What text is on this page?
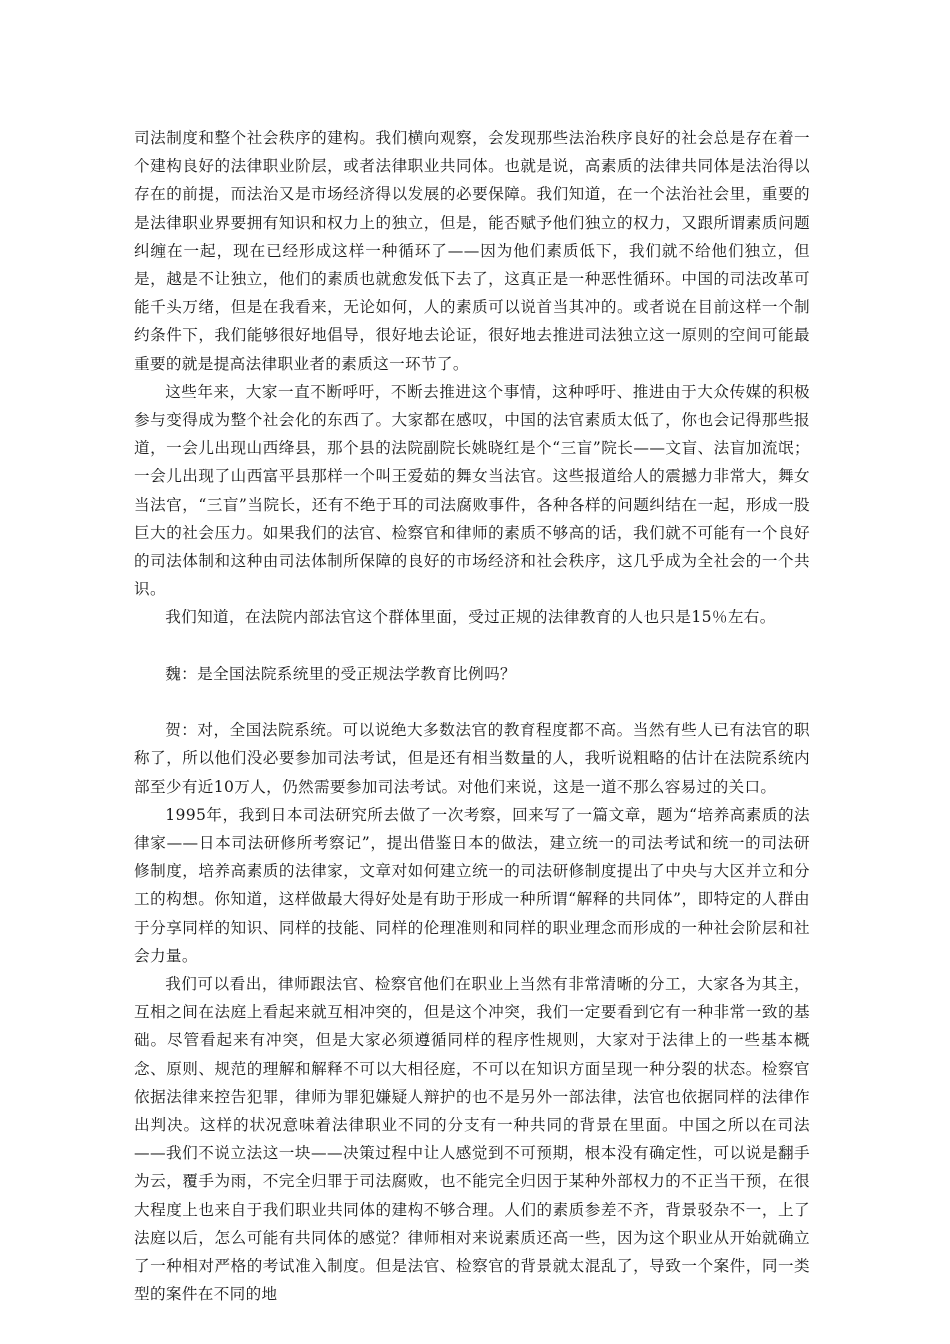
司法制度和整个社会秩序的建构。我们横向观察，会发现那些法治秩序良好的社会总是存在着一个建构良好的法律职业阶层，或者法律职业共同体。也就是说，高素质的法律共同体是法治得以存在的前提，而法治又是市场经济得以发展的必要保障。我们知道，在一个法治社会里，重要的是法律职业界要拥有知识和权力上的独立，但是，能否赋予他们独立的权力，又跟所谓素质问题纠缠在一起，现在已经形成这样一种循环了——因为他们素质低下，我们就不给他们独立，但是，越是不让独立，他们的素质也就愈发低下去了，这真正是一种恶性循环。中国的司法改革可能千头万绪，但是在我看来，无论如何，人的素质可以说首当其冲的。或者说在目前这样一个制约条件下，我们能够很好地倡导，很好地去论证，很好地去推进司法独立这一原则的空间可能最重要的就是提高法律职业者的素质这一环节了。

这些年来，大家一直不断呼吁，不断去推进这个事情，这种呼吁、推进由于大众传媒的积极参与变得成为整个社会化的东西了。大家都在感叹，中国的法官素质太低了，你也会记得那些报道，一会儿出现山西绛县，那个县的法院副院长姚晓红是个“三盲”院长——文盲、法盲加流氓；一会儿出现了山西富平县那样一个叫王爱茹的舞女当法官。这些报道给人的震撼力非常大，舞女当法官，“三盲”当院长，还有不绝于耳的司法腐败事件，各种各样的问题纠结在一起，形成一股巨大的社会压力。如果我们的法官、检察官和律师的素质不够高的话，我们就不可能有一个良好的司法体制和这种由司法体制所保障的良好的市场经济和社会秩序，这几乎成为全社会的一个共识。

我们知道，在法院内部法官这个群体里面，受过正规的法律教育的人也只是15％左右。

魏：是全国法院系统里的受正规法学教育比例吗？

贺：对，全国法院系统。可以说绝大多数法官的教育程度都不高。当然有些人已有法官的职称了，所以他们没必要参加司法考试，但是还有相当数量的人，我听说粗略的估计在法院系统内部至少有近10万人，仍然需要参加司法考试。对他们来说，这是一道不那么容易过的关口。

1995年，我到日本司法研究所去做了一次考察，回来写了一篇文章，题为“培养高素质的法律家——日本司法研修所考察记”，提出借鉴日本的做法，建立统一的司法考试和统一的司法研修制度，培养高素质的法律家，文章对如何建立统一的司法研修制度提出了中央与大区并立和分工的构想。你知道，这样做最大得好处是有助于形成一种所谓“解释的共同体”，即特定的人群由于分享同样的知识、同样的技能、同样的伦理准则和同样的职业理念而形成的一种社会阶层和社会力量。

我们可以看出，律师跟法官、检察官他们在职业上当然有非常清晰的分工，大家各为其主，互相之间在法庭上看起来就互相冲突的，但是这个冲突，我们一定要看到它有一种非常一致的基础。尽管看起来有冲突，但是大家必须遵循同样的程序性规则，大家对于法律上的一些基本概念、原则、规范的理解和解释不可以大相径庭，不可以在知识方面呈现一种分裂的状态。检察官依据法律来控告犯罪，律师为罪犯嫌疑人辩护的也不是另外一部法律，法官也依据同样的法律作出判决。这样的状况意味着法律职业不同的分支有一种共同的背景在里面。中国之所以在司法——我们不说立法这一块——决策过程中让人感觉到不可预期，根本没有确定性，可以说是翻手为云，覆手为雨，不完全归罪于司法腐败，也不能完全归因于某种外部权力的不正当干预，在很大程度上也来自于我们职业共同体的建构不够合理。人们的素质参差不齐，背景驳杂不一，上了法庭以后，怎么可能有共同体的感觉？律师相对来说素质还高一些，因为这个职业从开始就确立了一种相对严格的考试准入制度。但是法官、检察官的背景就太混乱了，导致一个案件，同一类型的案件在不同的地
